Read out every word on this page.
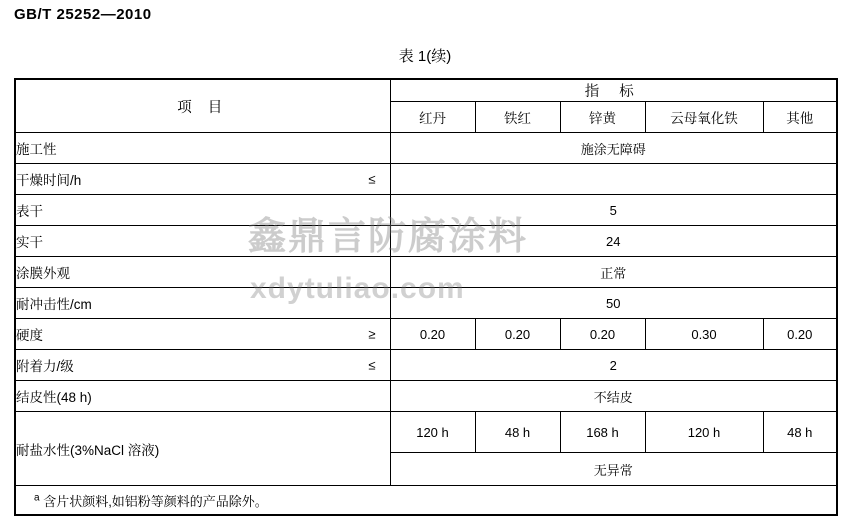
GB/T 25252—2010
表 1(续)
项 目	指 标				
	红丹	铁红	锌黄	云母氧化铁	其他
施工性	施涂无障碍				
干燥时间/h ≤					

表干	5				
实干	24				
涂膜外观	正常				
耐冲击性/cm	50				
硬度 ≥	0.20	0.20	0.20	0.30	0.20
附着力/级 ≤	2				
结皮性(48 h)	不结皮				
耐盐水性(3%NaCl 溶液)	120 h	48 h	168 h	120 h	48 h
	无异常				
$^a$ 含片状颜料,如铝粉等颜料的产品除外。					
鑫鼎言防腐涂料
xdytuliao.com
